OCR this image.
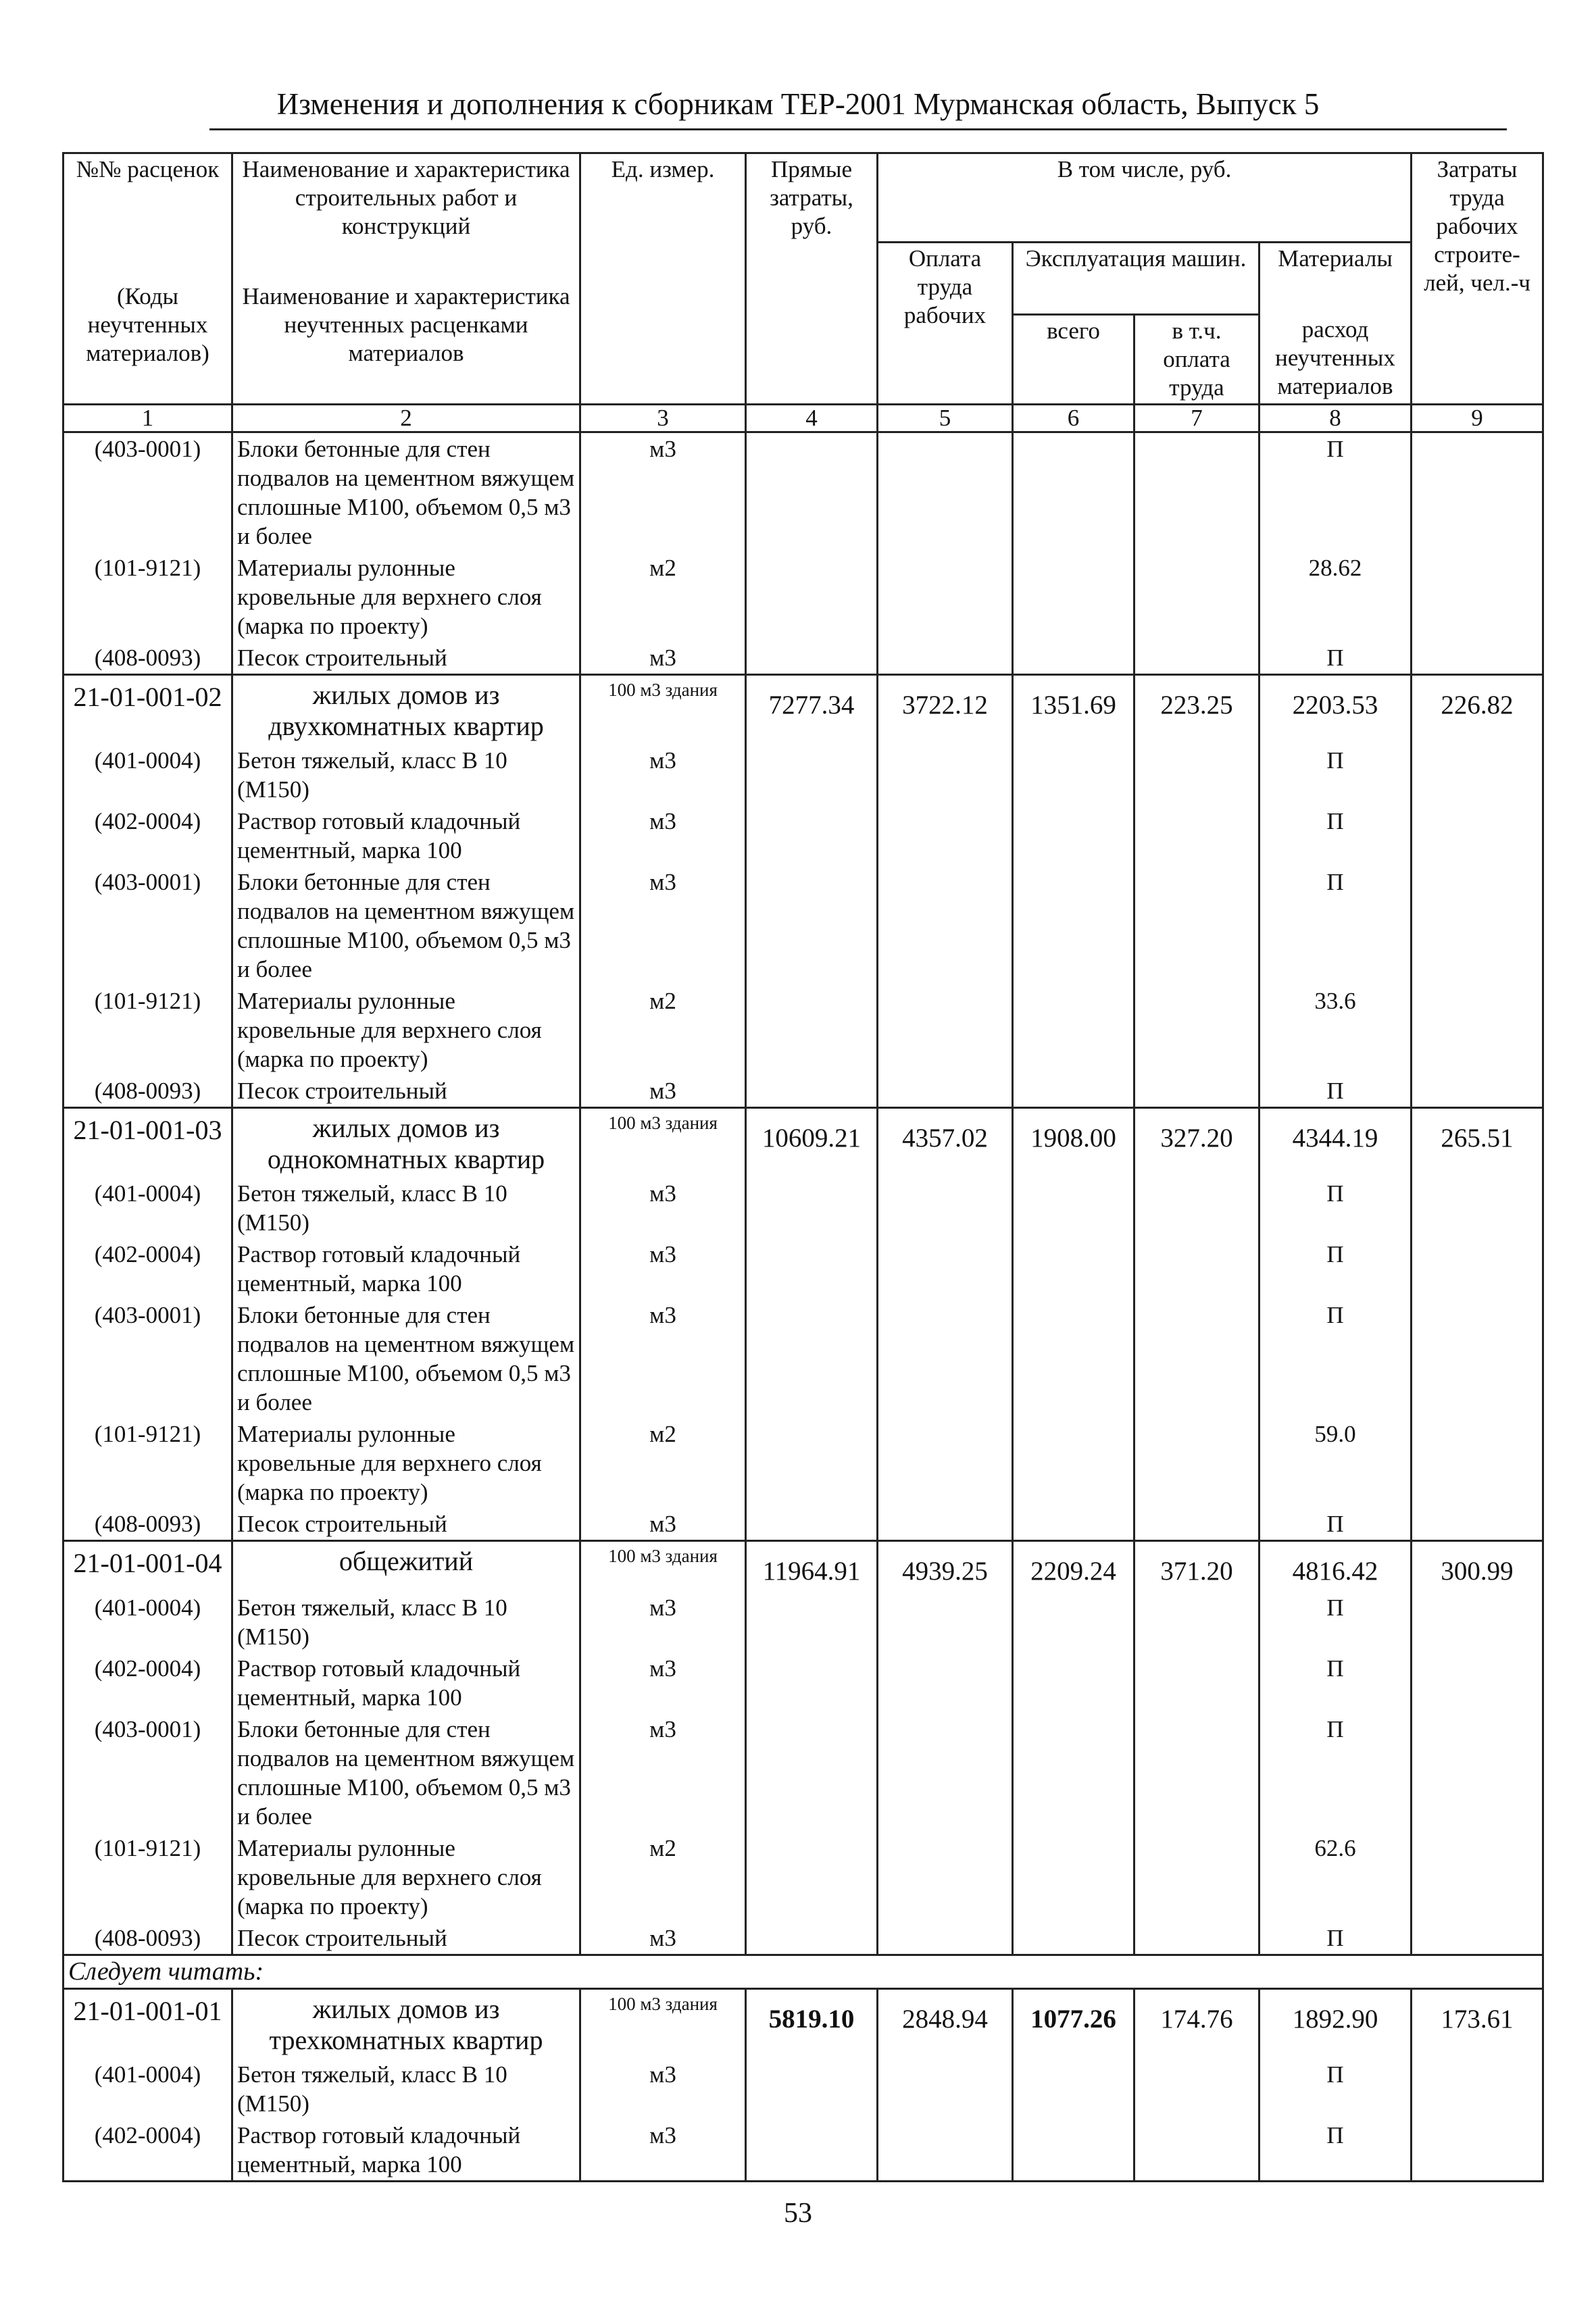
Изменения и дополнения к сборникам ТЕР-2001 Мурманская область, Выпуск 5
№№ расценок	Наименование и характеристика строительных работ и конструкций	Ед. измер.	Прямые затраты, руб.	В том числе, руб.				Затраты труда рабочих строите-лей, чел.-ч
(Коды неучтенных материалов)	Наименование и характеристика неучтенных расценками материалов			Оплата труда рабочих	Эксплуатация машин.		Материалы	
					всего	в т.ч. оплата труда	расход неучтенных материалов	
1	2	3	4	5	6	7	8	9
(403-0001)	Блоки бетонные для стен подвалов на цементном вяжущем сплошные М100, объемом 0,5 м3 и более	м3					П	
(101-9121)	Материалы рулонные кровельные для верхнего слоя (марка по проекту)	м2					28.62	
(408-0093)	Песок строительный	м3					П	
21-01-001-02	жилых домов из двухкомнатных квартир	100 м3 здания	7277.34	3722.12	1351.69	223.25	2203.53	226.82
(401-0004)	Бетон тяжелый, класс В 10 (М150)	м3					П	
(402-0004)	Раствор готовый кладочный цементный, марка 100	м3					П	
(403-0001)	Блоки бетонные для стен подвалов на цементном вяжущем сплошные М100, объемом 0,5 м3 и более	м3					П	
(101-9121)	Материалы рулонные кровельные для верхнего слоя (марка по проекту)	м2					33.6	
(408-0093)	Песок строительный	м3					П	
21-01-001-03	жилых домов из однокомнатных квартир	100 м3 здания	10609.21	4357.02	1908.00	327.20	4344.19	265.51
(401-0004)	Бетон тяжелый, класс В 10 (М150)	м3					П	
(402-0004)	Раствор готовый кладочный цементный, марка 100	м3					П	
(403-0001)	Блоки бетонные для стен подвалов на цементном вяжущем сплошные М100, объемом 0,5 м3 и более	м3					П	
(101-9121)	Материалы рулонные кровельные для верхнего слоя (марка по проекту)	м2					59.0	
(408-0093)	Песок строительный	м3					П	
21-01-001-04	общежитий	100 м3 здания	11964.91	4939.25	2209.24	371.20	4816.42	300.99
(401-0004)	Бетон тяжелый, класс В 10 (М150)	м3					П	
(402-0004)	Раствор готовый кладочный цементный, марка 100	м3					П	
(403-0001)	Блоки бетонные для стен подвалов на цементном вяжущем сплошные М100, объемом 0,5 м3 и более	м3					П	
(101-9121)	Материалы рулонные кровельные для верхнего слоя (марка по проекту)	м2					62.6	
(408-0093)	Песок строительный	м3					П	
Следует читать:								
21-01-001-01	жилых домов из трехкомнатных квартир	100 м3 здания	5819.10	2848.94	1077.26	174.76	1892.90	173.61
(401-0004)	Бетон тяжелый, класс В 10 (М150)	м3					П	
(402-0004)	Раствор готовый кладочный цементный, марка 100	м3					П	
53
